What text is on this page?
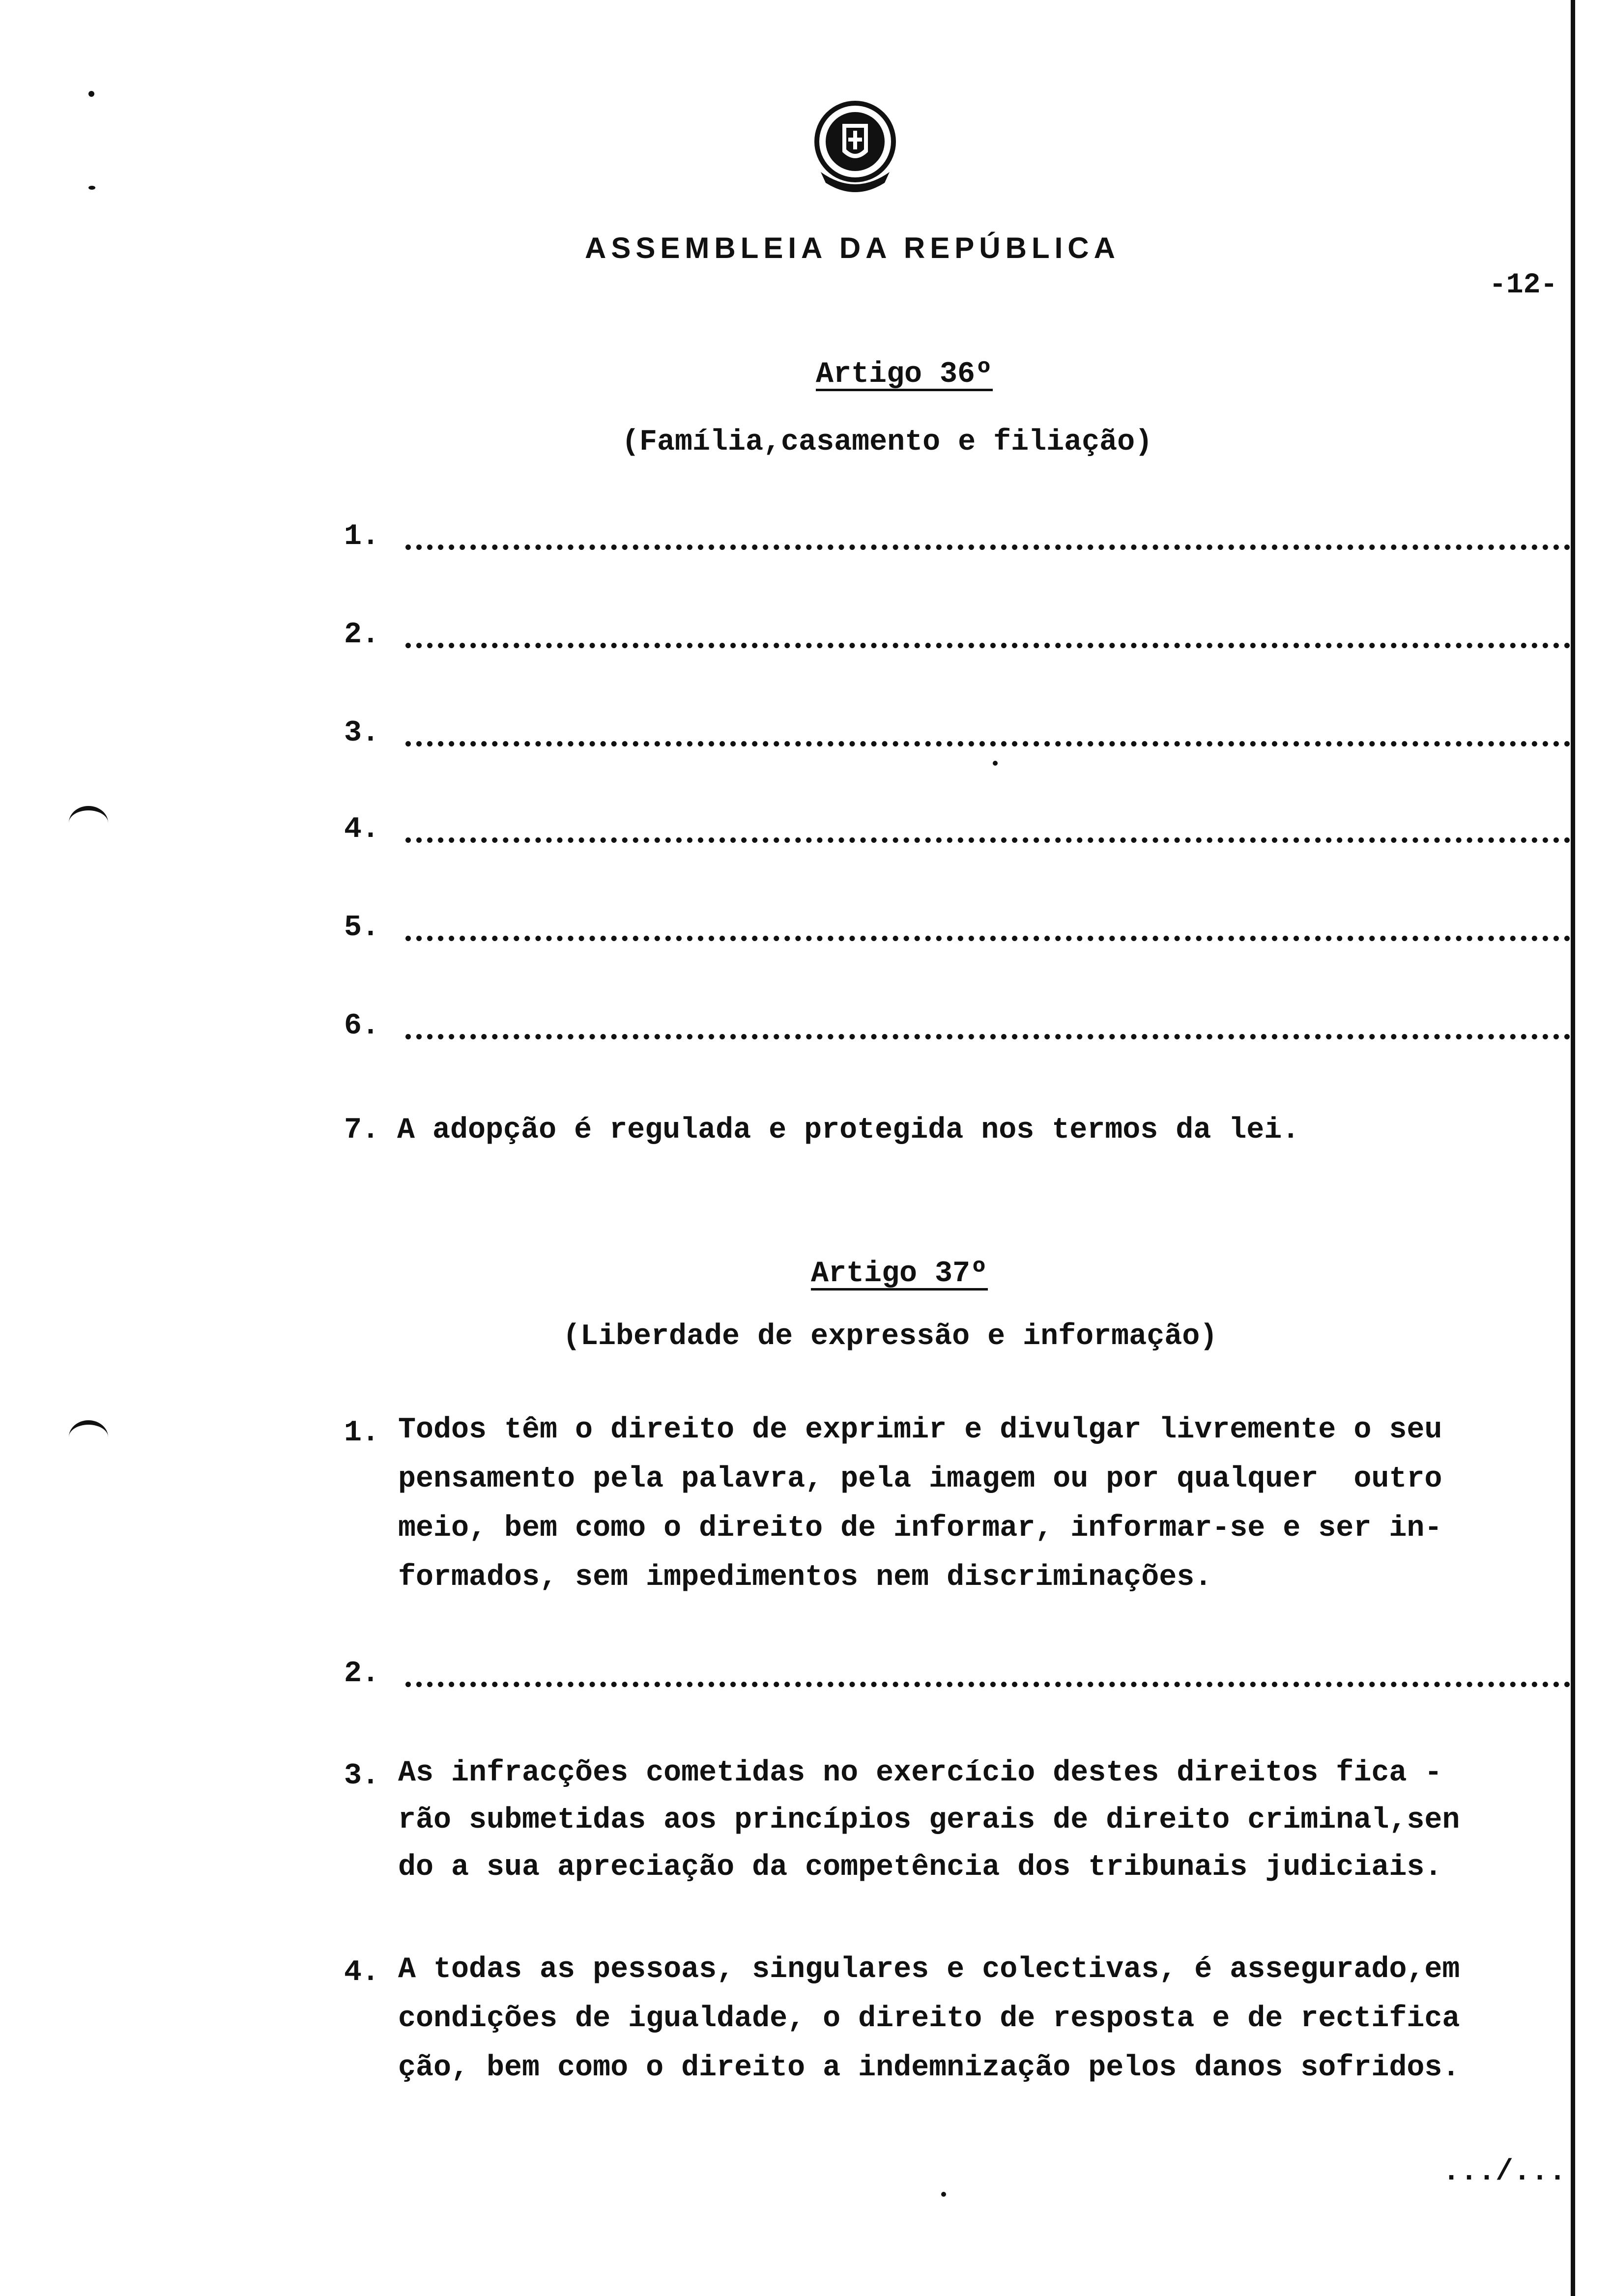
ASSEMBLEIA DA REPÚBLICA
-12-
Artigo 36º
(Família,casamento e filiação)
1.
2.
3.
4.
5.
6.
7. A adopção é regulada e protegida nos termos da lei.
Artigo 37º
(Liberdade de expressão e informação)
1. Todos têm o direito de exprimir e divulgar livremente o seu
pensamento pela palavra, pela imagem ou por qualquer  outro
meio, bem como o direito de informar, informar-se e ser in-
formados, sem impedimentos nem discriminações.
2.
3. As infracções cometidas no exercício destes direitos fica -
rão submetidas aos princípios gerais de direito criminal,sen
do a sua apreciação da competência dos tribunais judiciais.
4. A todas as pessoas, singulares e colectivas, é assegurado,em
condições de igualdade, o direito de resposta e de rectifica
ção, bem como o direito a indemnização pelos danos sofridos.
.../...
